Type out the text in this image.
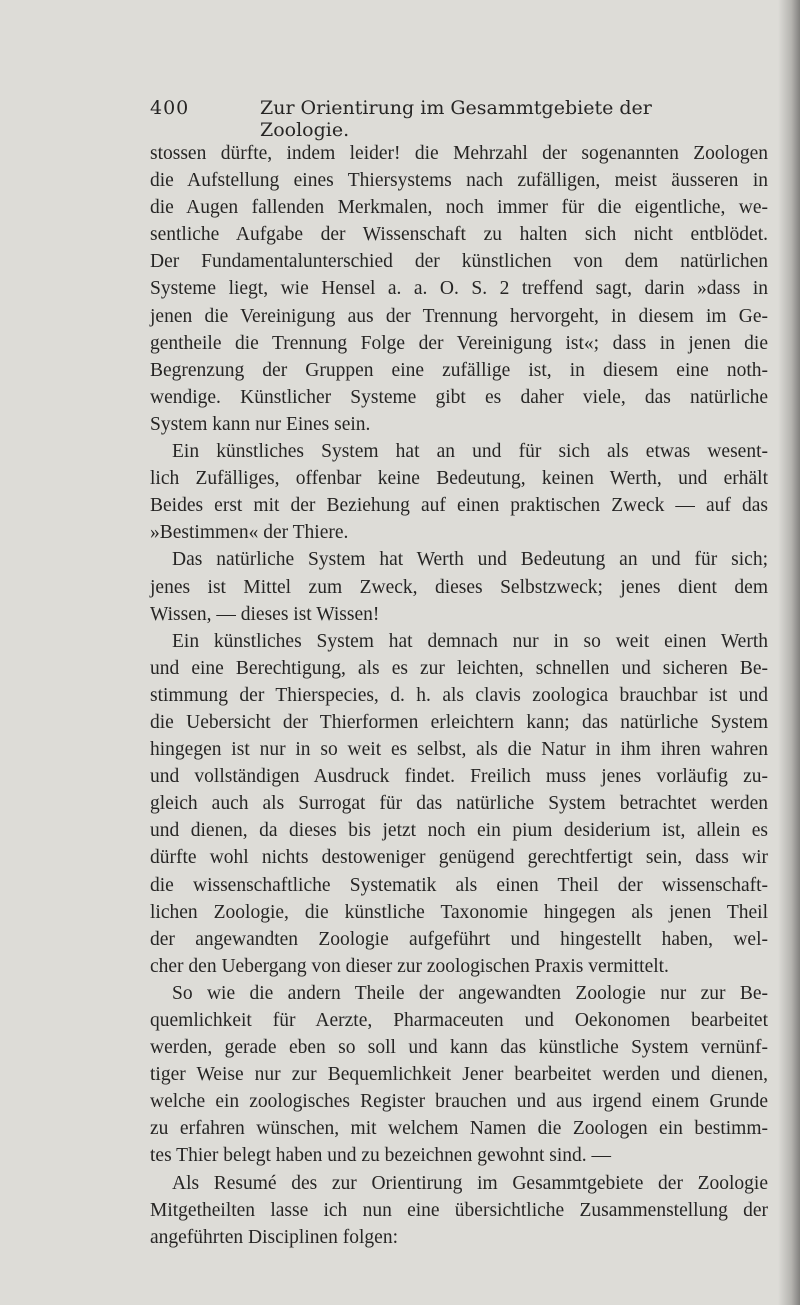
400	Zur Orientirung im Gesammtgebiete der Zoologie.
stossen dürfte, indem leider! die Mehrzahl der sogenannten Zoologen
die Aufstellung eines Thiersystems nach zufälligen, meist äusseren in
die Augen fallenden Merkmalen, noch immer für die eigentliche, we-
sentliche Aufgabe der Wissenschaft zu halten sich nicht entblödet.
Der Fundamentalunterschied der künstlichen von dem natürlichen
Systeme liegt, wie Hensel a. a. O. S. 2 treffend sagt, darin »dass in
jenen die Vereinigung aus der Trennung hervorgeht, in diesem im Ge-
gentheile die Trennung Folge der Vereinigung ist«; dass in jenen die
Begrenzung der Gruppen eine zufällige ist, in diesem eine noth-
wendige. Künstlicher Systeme gibt es daher viele, das natürliche
System kann nur Eines sein.
Ein künstliches System hat an und für sich als etwas wesent-
lich Zufälliges, offenbar keine Bedeutung, keinen Werth, und erhält
Beides erst mit der Beziehung auf einen praktischen Zweck — auf das
»Bestimmen« der Thiere.
Das natürliche System hat Werth und Bedeutung an und für sich;
jenes ist Mittel zum Zweck, dieses Selbstzweck; jenes dient dem
Wissen, — dieses ist Wissen!
Ein künstliches System hat demnach nur in so weit einen Werth
und eine Berechtigung, als es zur leichten, schnellen und sicheren Be-
stimmung der Thierspecies, d. h. als clavis zoologica brauchbar ist und
die Uebersicht der Thierformen erleichtern kann; das natürliche System
hingegen ist nur in so weit es selbst, als die Natur in ihm ihren wahren
und vollständigen Ausdruck findet. Freilich muss jenes vorläufig zu-
gleich auch als Surrogat für das natürliche System betrachtet werden
und dienen, da dieses bis jetzt noch ein pium desiderium ist, allein es
dürfte wohl nichts destoweniger genügend gerechtfertigt sein, dass wir
die wissenschaftliche Systematik als einen Theil der wissenschaft-
lichen Zoologie, die künstliche Taxonomie hingegen als jenen Theil
der angewandten Zoologie aufgeführt und hingestellt haben, wel-
cher den Uebergang von dieser zur zoologischen Praxis vermittelt.
So wie die andern Theile der angewandten Zoologie nur zur Be-
quemlichkeit für Aerzte, Pharmaceuten und Oekonomen bearbeitet
werden, gerade eben so soll und kann das künstliche System vernünf-
tiger Weise nur zur Bequemlichkeit Jener bearbeitet werden und dienen,
welche ein zoologisches Register brauchen und aus irgend einem Grunde
zu erfahren wünschen, mit welchem Namen die Zoologen ein bestimm-
tes Thier belegt haben und zu bezeichnen gewohnt sind. —
Als Resumé des zur Orientirung im Gesammtgebiete der Zoologie
Mitgetheilten lasse ich nun eine übersichtliche Zusammenstellung der
angeführten Disciplinen folgen:
